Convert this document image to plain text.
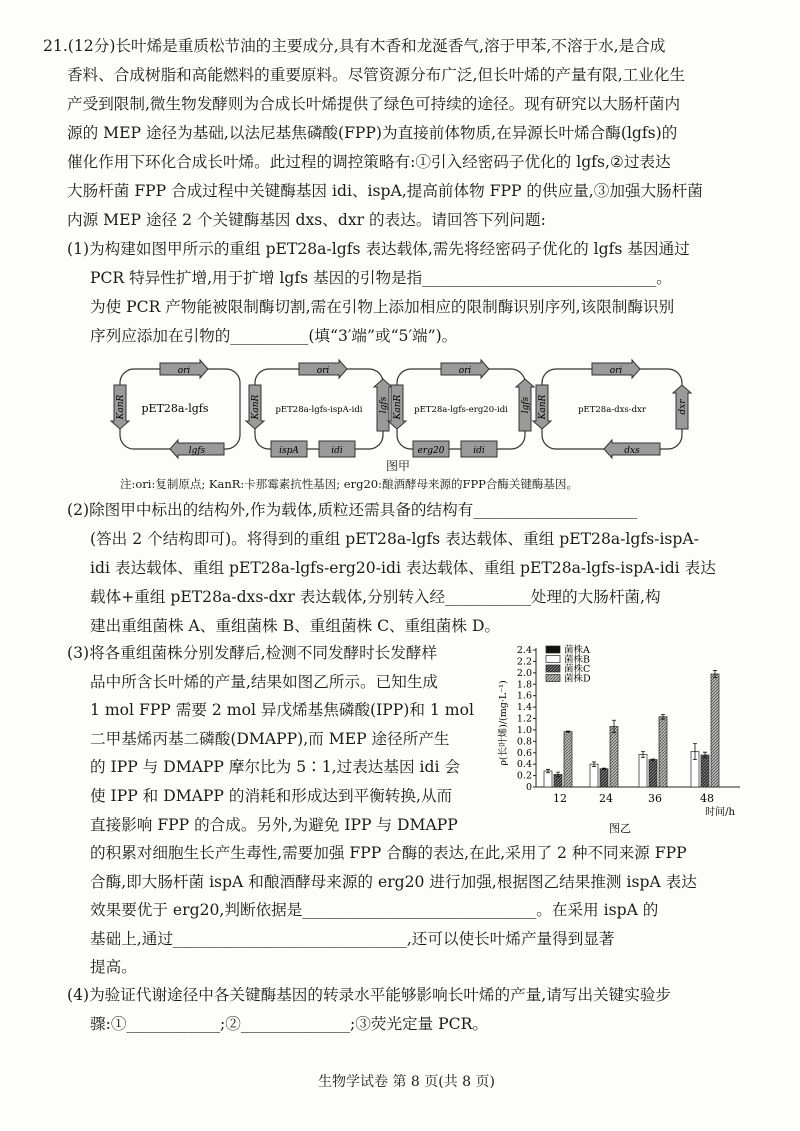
21.(12分)长叶烯是重质松节油的主要成分,具有木香和龙涎香气,溶于甲苯,不溶于水,是合成
香料、合成树脂和高能燃料的重要原料。尽管资源分布广泛,但长叶烯的产量有限,工业化生
产受到限制,微生物发酵则为合成长叶烯提供了绿色可持续的途径。现有研究以大肠杆菌内
源的 MEP 途径为基础,以法尼基焦磷酸(FPP)为直接前体物质,在异源长叶烯合酶(lgfs)的
催化作用下环化合成长叶烯。此过程的调控策略有:①引入经密码子优化的 lgfs,②过表达
大肠杆菌 FPP 合成过程中关键酶基因 idi、ispA,提高前体物 FPP 的供应量,③加强大肠杆菌
内源 MEP 途径 2 个关键酶基因 dxs、dxr 的表达。请回答下列问题:
(1)为构建如图甲所示的重组 pET28a-lgfs 表达载体,需先将经密码子优化的 lgfs 基因通过
PCR 特异性扩增,用于扩增 lgfs 基因的引物是指______________________________。
为使 PCR 产物能被限制酶切割,需在引物上添加相应的限制酶识别序列,该限制酶识别
序列应添加在引物的__________(填“3′端”或“5′端”)。
pET28a-lgfs
ori
KanR
lgfs
pET28a-lgfs-ispA-idi
ori
KanR	lgfs
ispA	idi
pET28a-lgfs-erg20-idi
ori
KanR	lgfs
erg20	idi
pET28a-dxs-dxr
ori
KanR	dxr
dxs
图甲
注:ori:复制原点; KanR:卡那霉素抗性基因; erg20:酿酒酵母来源的FPP合酶关键酶基因。
(2)除图甲中标出的结构外,作为载体,质粒还需具备的结构有_____________________
(答出 2 个结构即可)。将得到的重组 pET28a-lgfs 表达载体、重组 pET28a-lgfs-ispA-
idi 表达载体、重组 pET28a-lgfs-erg20-idi 表达载体、重组 pET28a-lgfs-ispA-idi 表达
载体+重组 pET28a-dxs-dxr 表达载体,分别转入经___________处理的大肠杆菌,构
建出重组菌株 A、重组菌株 B、重组菌株 C、重组菌株 D。
(3)将各重组菌株分别发酵后,检测不同发酵时长发酵样
品中所含长叶烯的产量,结果如图乙所示。已知生成
1 mol FPP 需要 2 mol 异戊烯基焦磷酸(IPP)和 1 mol
二甲基烯丙基二磷酸(DMAPP),而 MEP 途径所产生
的 IPP 与 DMAPP 摩尔比为 5∶1,过表达基因 idi 会
使 IPP 和 DMAPP 的消耗和形成达到平衡转换,从而
直接影响 FPP 的合成。另外,为避免 IPP 与 DMAPP
0
0.2
0.4
0.6
0.8
1.0
1.2
1.4
1.6
1.8
2.0
2.2
2.4
ρ(长叶烯)/(mg·L⁻¹)
12	24	36	48
时间/h
图乙
菌株A
菌株B
菌株C
菌株D
的积累对细胞生长产生毒性,需要加强 FPP 合酶的表达,在此,采用了 2 种不同来源 FPP
合酶,即大肠杆菌 ispA 和酿酒酵母来源的 erg20 进行加强,根据图乙结果推测 ispA 表达
效果要优于 erg20,判断依据是______________________________。在采用 ispA 的
基础上,通过______________________________,还可以使长叶烯产量得到显著
提高。
(4)为验证代谢途径中各关键酶基因的转录水平能够影响长叶烯的产量,请写出关键实验步
骤:①____________;②______________;③荧光定量 PCR。
生物学试卷 第 8 页(共 8 页)
